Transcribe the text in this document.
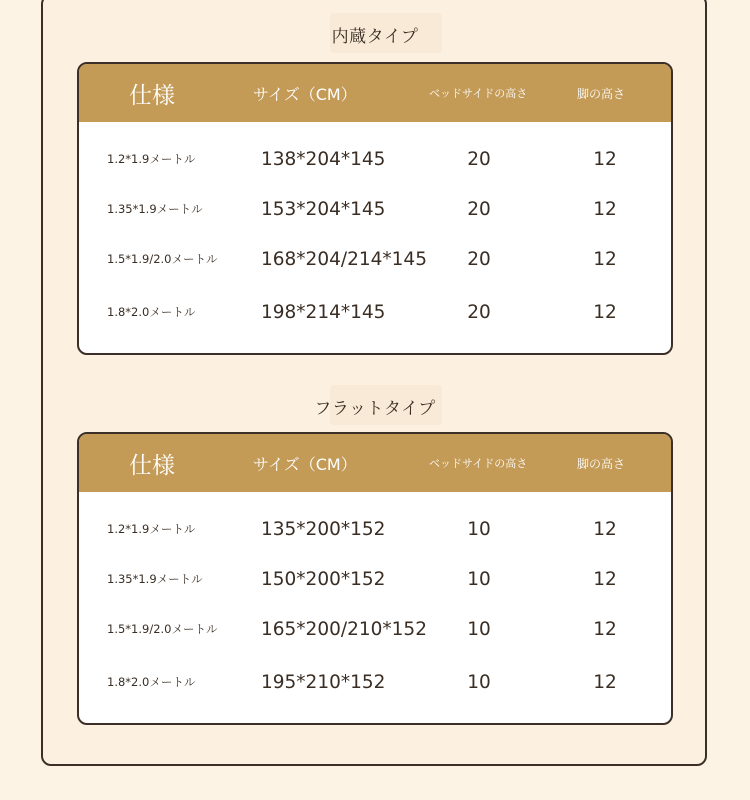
内蔵タイプ
仕様	サイズ（CM）	ベッドサイドの高さ	脚の高さ
1.2*1.9メートル	138*204*145	20	12
1.35*1.9メートル	153*204*145	20	12
1.5*1.9/2.0メートル 168*204/214*145	20	12
1.8*2.0メートル	198*214*145	20	12
フラットタイプ
仕様	サイズ（CM）	ベッドサイドの高さ	脚の高さ
1.2*1.9メートル	135*200*152	10	12
1.35*1.9メートル	150*200*152	10	12
1.5*1.9/2.0メートル 165*200/210*152	10	12
1.8*2.0メートル	195*210*152	10	12
